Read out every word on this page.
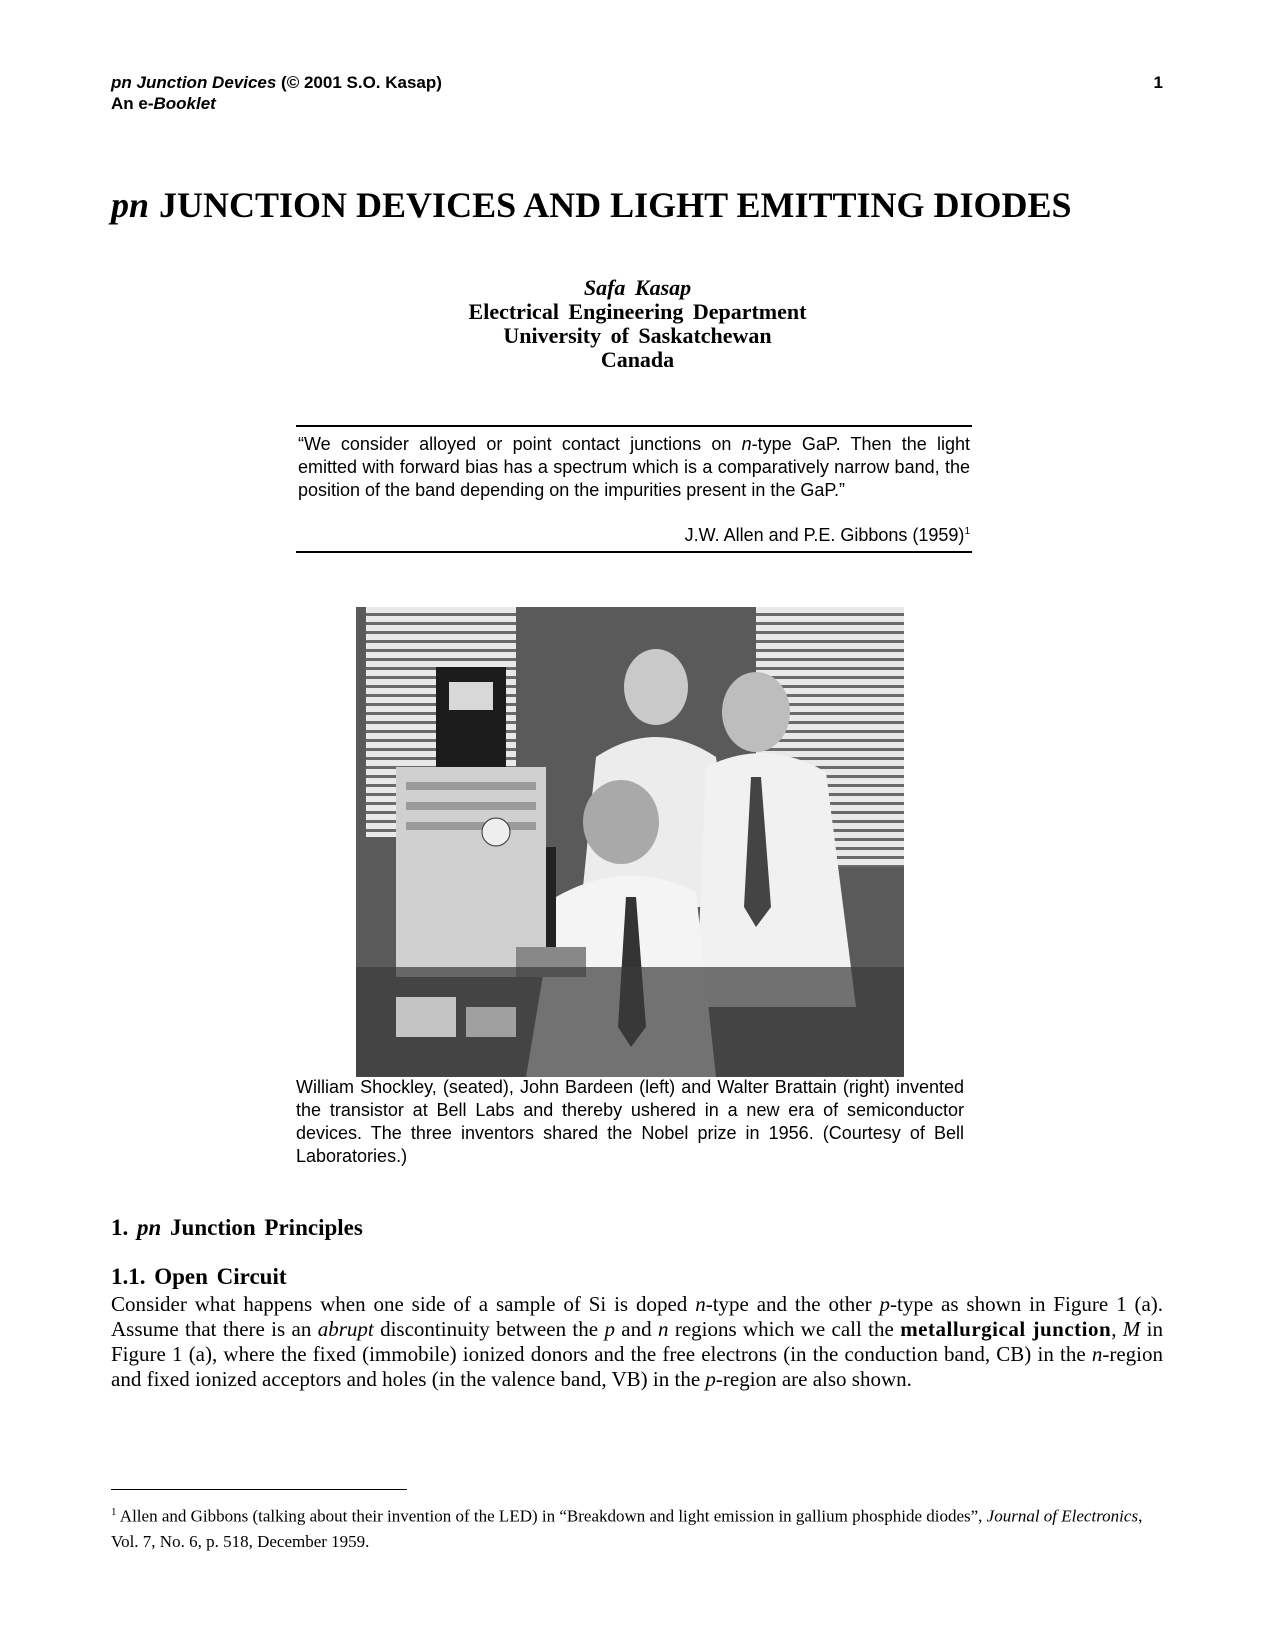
pn Junction Devices (© 2001 S.O. Kasap)	1
An e-Booklet
pn JUNCTION DEVICES AND LIGHT EMITTING DIODES
Safa Kasap
Electrical Engineering Department
University of Saskatchewan
Canada

“We consider alloyed or point contact junctions on n-type GaP. Then the light emitted with forward bias has a spectrum which is a comparatively narrow band, the position of the band depending on the impurities present in the GaP.”

J.W. Allen and P.E. Gibbons $(1959)^1$
William Shockley, (seated), John Bardeen (left) and Walter Brattain (right) invented the transistor at Bell Labs and thereby ushered in a new era of semiconductor devices. The three inventors shared the Nobel prize in 1956. (Courtesy of Bell Laboratories.)
1. pn Junction Principles
1.1. Open Circuit

Consider what happens when one side of a sample of Si is doped n-type and the other p-type as shown in Figure 1 (a). Assume that there is an abrupt discontinuity between the p and n regions which we call the metallurgical junction, M in Figure 1 (a), where the fixed (immobile) ionized donors and the free electrons (in the conduction band, CB) in the n-region and fixed ionized acceptors and holes (in the valence band, VB) in the p-region are also shown.

$^1$ Allen and Gibbons (talking about their invention of the LED) in “Breakdown and light emission in gallium phosphide diodes”, Journal of Electronics, Vol. 7, No. 6, p. 518, December 1959.
